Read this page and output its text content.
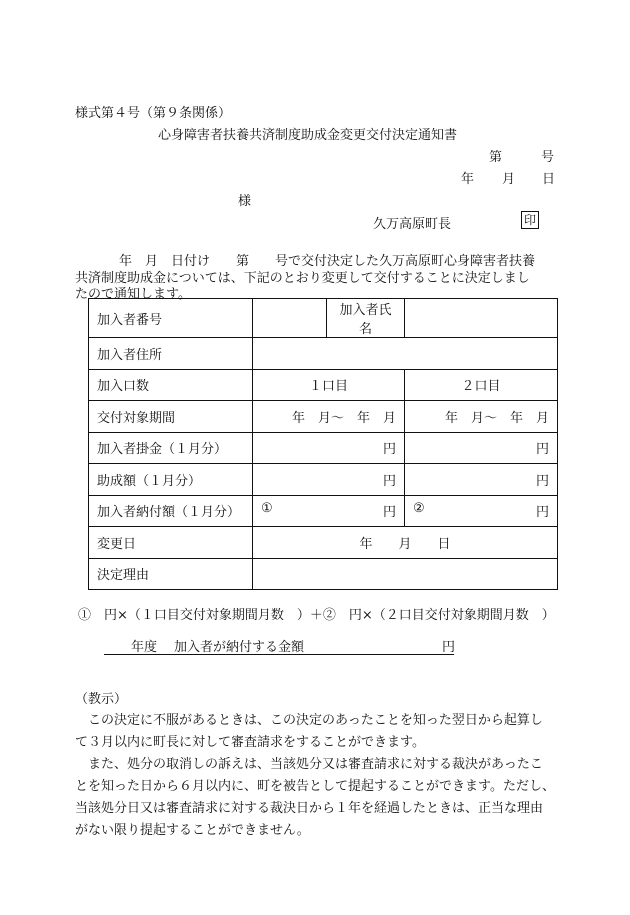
様式第４号（第９条関係）
心身障害者扶養共済制度助成金変更交付決定通知書
第	号
年 月 日
様
久万高原町長	印
年　月　日付け　　第　　号で交付決定した久万高原町心身障害者扶養
共済制度助成金については、下記のとおり変更して交付することに決定しまし
たので通知します。
加入者番号		加入者氏名	
加入者住所			
加入口数	１口目		２口目
交付対象期間	年　月～　年　月		年　月～　年　月
加入者掛金（１月分）	円		円
助成額（１月分）	円		円
加入者納付額（１月分）	① 円		② 円

変更日	年　　月　　日		
決定理由			
①　円×（１口目交付対象期間月数　）＋②　円×（２口目交付対象期間月数　）
年度 加入者が納付する金額	円
（教示）
　この決定に不服があるときは、この決定のあったことを知った翌日から起算して３月以内に町長に対して審査請求をすることができます。
　また、処分の取消しの訴えは、当該処分又は審査請求に対する裁決があったことを知った日から６月以内に、町を被告として提起することができます。ただし、当該処分日又は審査請求に対する裁決日から１年を経過したときは、正当な理由がない限り提起することができません。
